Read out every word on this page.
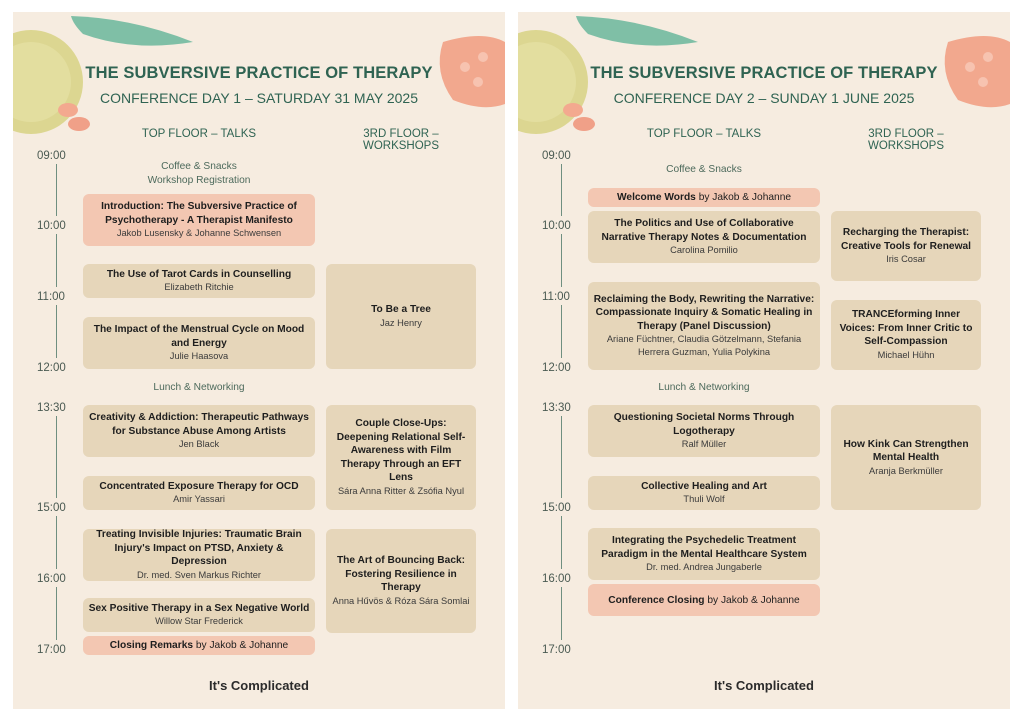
THE SUBVERSIVE PRACTICE OF THERAPY
CONFERENCE DAY 1 – SATURDAY 31 MAY 2025
TOP FLOOR – TALKS	3RD FLOOR – WORKSHOPS
09:00
10:00
11:00
12:00
13:30
15:00
16:00
17:00
Coffee & Snacks
Workshop Registration
Lunch & Networking
Introduction: The Subversive Practice of Psychotherapy - A Therapist Manifesto
Jakob Lusensky & Johanne Schwensen
The Use of Tarot Cards in Counselling
Elizabeth Ritchie
The Impact of the Menstrual Cycle on Mood and Energy
Julie Haasova
Creativity & Addiction: Therapeutic Pathways for Substance Abuse Among Artists
Jen Black
Concentrated Exposure Therapy for OCD
Amir Yassari
Treating Invisible Injuries: Traumatic Brain Injury's Impact on PTSD, Anxiety & Depression
Dr. med. Sven Markus Richter
Sex Positive Therapy in a Sex Negative World
Willow Star Frederick
Closing Remarks by Jakob & Johanne
To Be a Tree
Jaz Henry
Couple Close-Ups: Deepening Relational Self-Awareness with Film Therapy Through an EFT Lens
Sára Anna Ritter & Zsófia Nyul
The Art of Bouncing Back: Fostering Resilience in Therapy
Anna Hűvös & Róza Sára Somlai
It's Complicated
THE SUBVERSIVE PRACTICE OF THERAPY
CONFERENCE DAY 2 – SUNDAY 1 JUNE 2025
TOP FLOOR – TALKS	3RD FLOOR – WORKSHOPS
09:00
10:00
11:00
12:00
13:30
15:00
16:00
17:00
Coffee & Snacks
Lunch & Networking
Welcome Words by Jakob & Johanne
The Politics and Use of Collaborative Narrative Therapy Notes & Documentation
Carolina Pomilio
Reclaiming the Body, Rewriting the Narrative: Compassionate Inquiry & Somatic Healing in Therapy (Panel Discussion)
Ariane Füchtner, Claudia Götzelmann, Stefania Herrera Guzman, Yulia Polykina
Questioning Societal Norms Through Logotherapy
Ralf Müller
Collective Healing and Art
Thuli Wolf
Integrating the Psychedelic Treatment Paradigm in the Mental Healthcare System
Dr. med. Andrea Jungaberle
Conference Closing by Jakob & Johanne
Recharging the Therapist: Creative Tools for Renewal
Iris Cosar
TRANCEforming Inner Voices: From Inner Critic to Self-Compassion
Michael Hühn
How Kink Can Strengthen Mental Health
Aranja Berkmüller
It's Complicated
